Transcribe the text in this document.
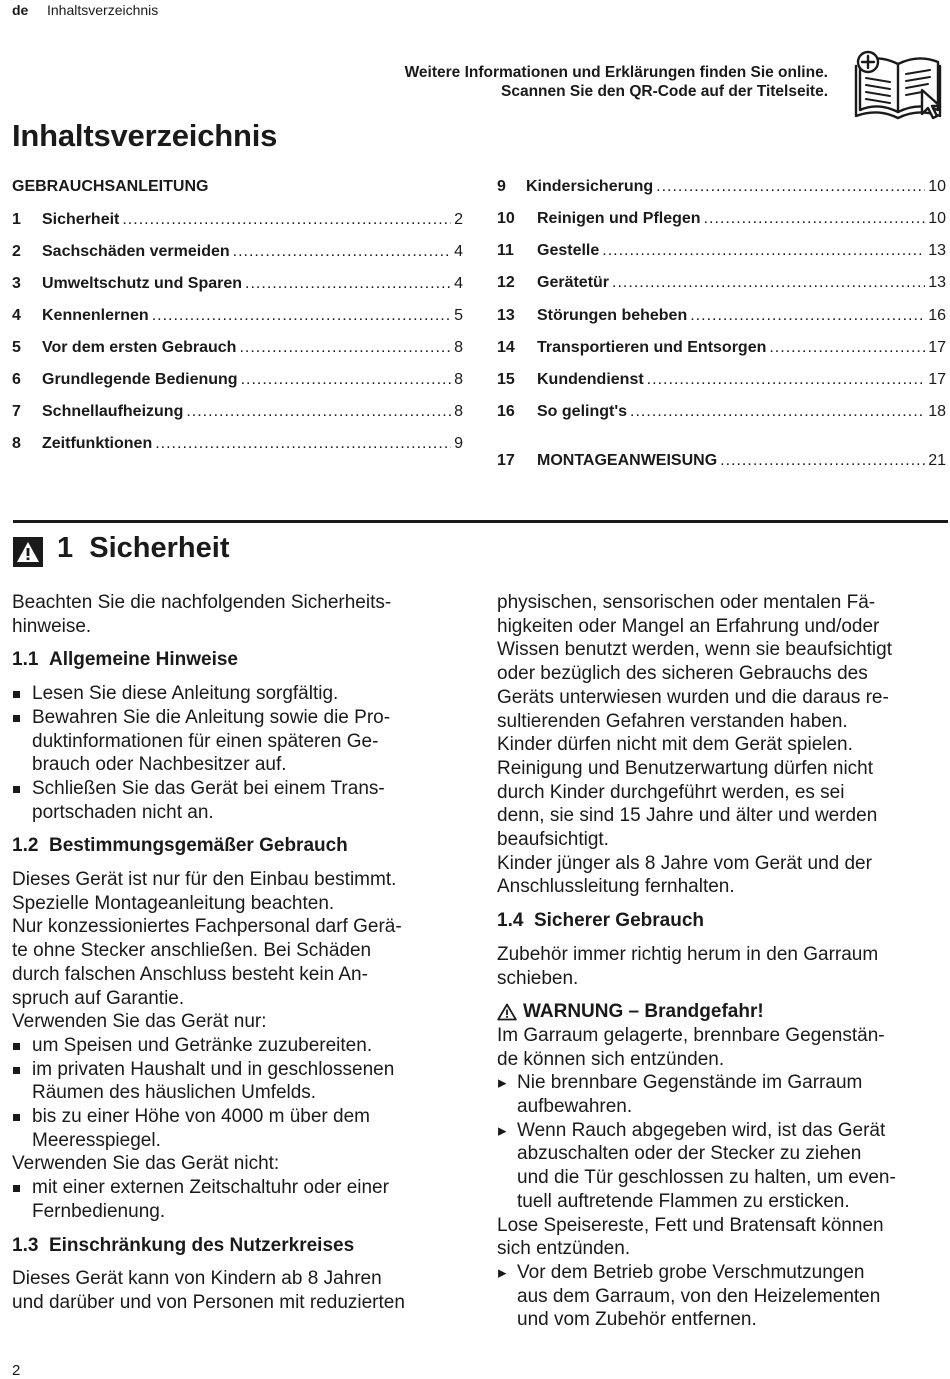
de Inhaltsverzeichnis
Weitere Informationen und Erklärungen finden Sie online.
Scannen Sie den QR-Code auf der Titelseite.
Inhaltsverzeichnis
GEBRAUCHSANLEITUNG
1	Sicherheit .....	2
2	Sachschäden vermeiden .....	4
3	Umweltschutz und Sparen .....	4
4	Kennenlernen .....	5
5	Vor dem ersten Gebrauch .....	8
6	Grundlegende Bedienung .....	8
7	Schnellaufheizung .....	8
8	Zeitfunktionen .....	9
9	Kindersicherung .....	10
10	Reinigen und Pflegen .....	10
11	Gestelle .....	13
12	Gerätetür .....	13
13	Störungen beheben .....	16
14	Transportieren und Entsorgen .....	17
15	Kundendienst .....	17
16	So gelingt's .....	18
17	MONTAGEANWEISUNG .....	21
1 Sicherheit

Beachten Sie die nachfolgenden Sicherheits-
hinweise.

1.1 Allgemeine Hinweise
Lesen Sie diese Anleitung sorgfältig.
Bewahren Sie die Anleitung sowie die Pro-
duktinformationen für einen späteren Ge-
brauch oder Nachbesitzer auf.
Schließen Sie das Gerät bei einem Trans-
portschaden nicht an.
1.2 Bestimmungsgemäßer Gebrauch

Dieses Gerät ist nur für den Einbau bestimmt.
Spezielle Montageanleitung beachten.
Nur konzessioniertes Fachpersonal darf Gerä-
te ohne Stecker anschließen. Bei Schäden
durch falschen Anschluss besteht kein An-
spruch auf Garantie.

Verwenden Sie das Gerät nur:

um Speisen und Getränke zuzubereiten.
im privaten Haushalt und in geschlossenen
Räumen des häuslichen Umfelds.
bis zu einer Höhe von 4000 m über dem
Meeresspiegel.

Verwenden Sie das Gerät nicht:

mit einer externen Zeitschaltuhr oder einer
Fernbedienung.
1.3 Einschränkung des Nutzerkreises

Dieses Gerät kann von Kindern ab 8 Jahren
und darüber und von Personen mit reduzierten

physischen, sensorischen oder mentalen Fä-
higkeiten oder Mangel an Erfahrung und/oder
Wissen benutzt werden, wenn sie beaufsichtigt
oder bezüglich des sicheren Gebrauchs des
Geräts unterwiesen wurden und die daraus re-
sultierenden Gefahren verstanden haben.
Kinder dürfen nicht mit dem Gerät spielen.
Reinigung und Benutzerwartung dürfen nicht
durch Kinder durchgeführt werden, es sei
denn, sie sind 15 Jahre und älter und werden
beaufsichtigt.
Kinder jünger als 8 Jahre vom Gerät und der
Anschlussleitung fernhalten.

1.4 Sicherer Gebrauch

Zubehör immer richtig herum in den Garraum
schieben.

WARNUNG – Brandgefahr!

Im Garraum gelagerte, brennbare Gegenstän-
de können sich entzünden.

▸ Nie brennbare Gegenstände im Garraum
aufbewahren.
▸ Wenn Rauch abgegeben wird, ist das Gerät
abzuschalten oder der Stecker zu ziehen
und die Tür geschlossen zu halten, um even-
tuell auftretende Flammen zu ersticken.

Lose Speisereste, Fett und Bratensaft können
sich entzünden.

▸ Vor dem Betrieb grobe Verschmutzungen
aus dem Garraum, von den Heizelementen
und vom Zubehör entfernen.
2
